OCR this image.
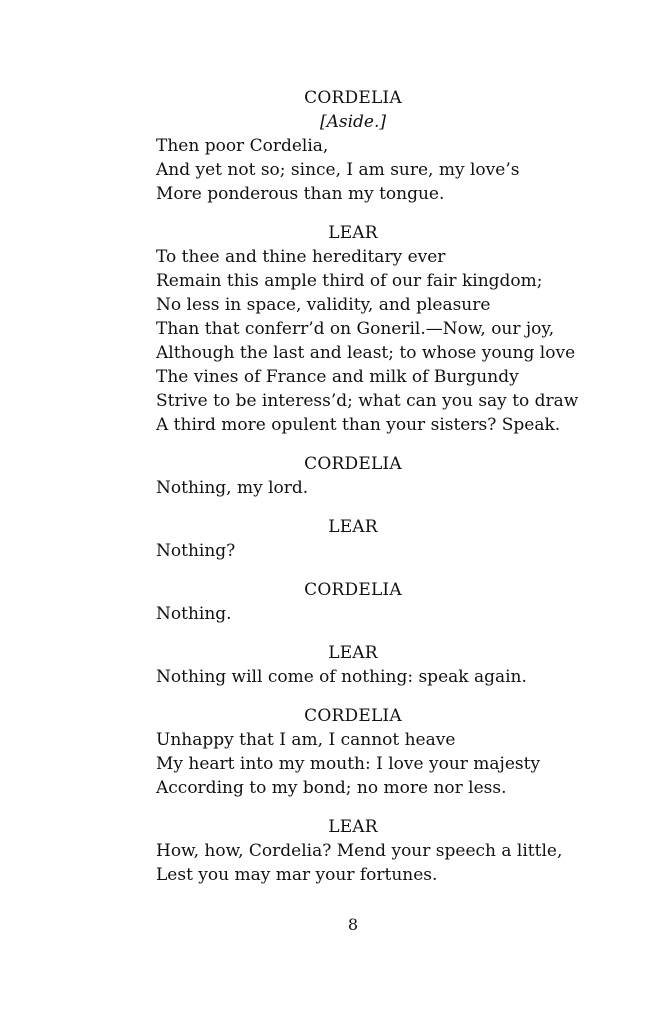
CORDELIA
[Aside.]
Then poor Cordelia,
And yet not so; since, I am sure, my love’s
More ponderous than my tongue.
LEAR
To thee and thine hereditary ever
Remain this ample third of our fair kingdom;
No less in space, validity, and pleasure
Than that conferr’d on Goneril.—Now, our joy,
Although the last and least; to whose young love
The vines of France and milk of Burgundy
Strive to be interess’d; what can you say to draw
A third more opulent than your sisters? Speak.
CORDELIA
Nothing, my lord.
LEAR
Nothing?
CORDELIA
Nothing.
LEAR
Nothing will come of nothing: speak again.
CORDELIA
Unhappy that I am, I cannot heave
My heart into my mouth: I love your majesty
According to my bond; no more nor less.
LEAR
How, how, Cordelia? Mend your speech a little,
Lest you may mar your fortunes.
8
